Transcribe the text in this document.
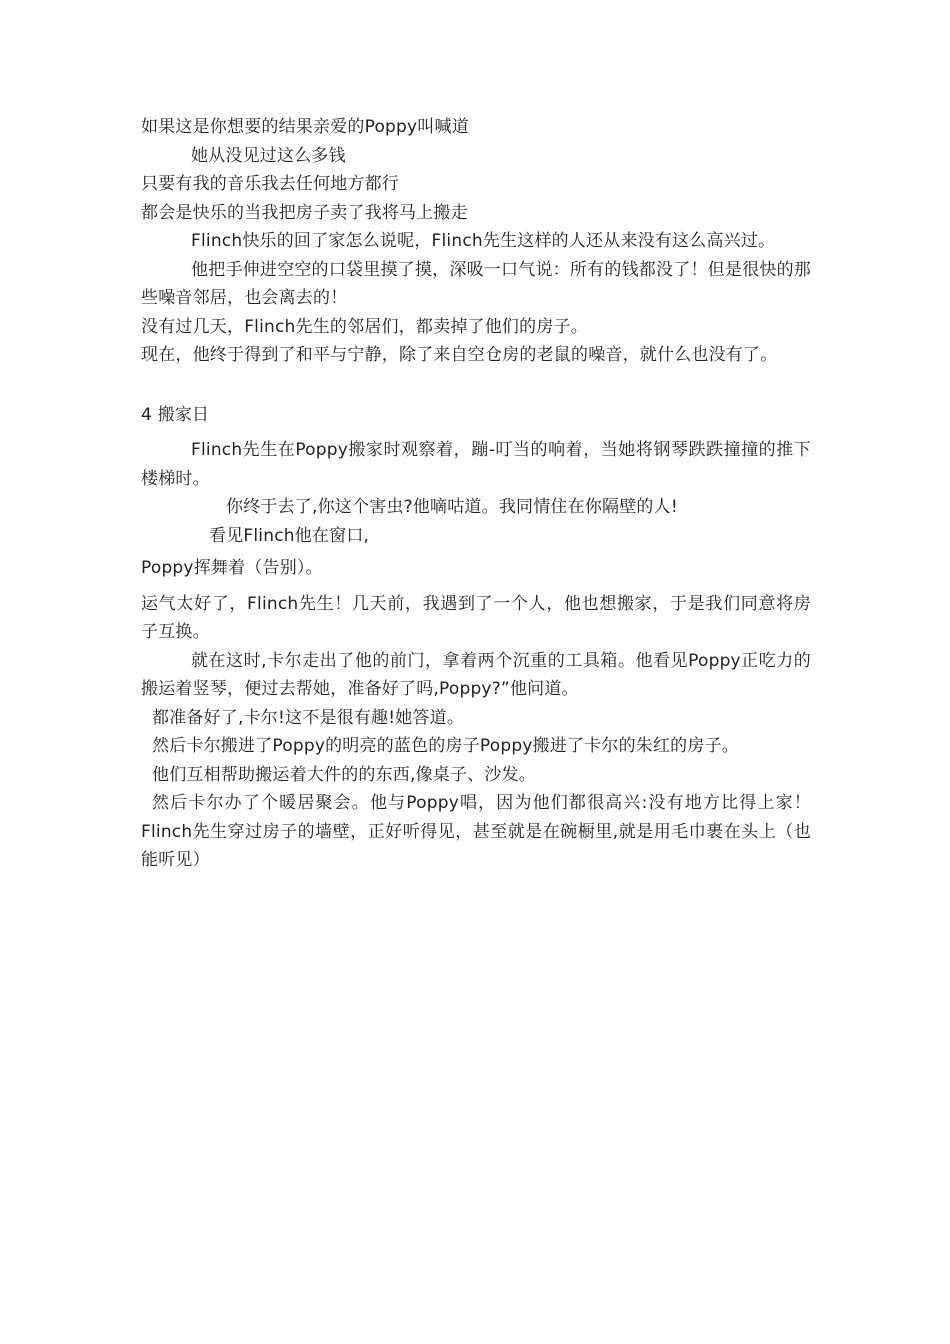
如果这是你想要的结果亲爱的Poppy叫喊道

她从没见过这么多钱

只要有我的音乐我去任何地方都行

都会是快乐的当我把房子卖了我将马上搬走

Flinch快乐的回了家怎么说呢，Flinch先生这样的人还从来没有这么高兴过。

他把手伸进空空的口袋里摸了摸，深吸一口气说：所有的钱都没了！但是很快的那些噪音邻居，也会离去的！

没有过几天，Flinch先生的邻居们，都卖掉了他们的房子。

现在，他终于得到了和平与宁静，除了来自空仓房的老鼠的噪音，就什么也没有了。

4 搬家日

Flinch先生在Poppy搬家时观察着，蹦-叮当的响着，当她将钢琴跌跌撞撞的推下楼梯时。

你终于去了,你这个害虫?他嘀咕道。我同情住在你隔壁的人!

看见Flinch他在窗口,

Poppy挥舞着（告别）。

运气太好了，Flinch先生！几天前，我遇到了一个人，他也想搬家，于是我们同意将房子互换。

就在这时,卡尔走出了他的前门，拿着两个沉重的工具箱。他看见Poppy正吃力的搬运着竖琴，便过去帮她，准备好了吗,Poppy?”他问道。

都准备好了,卡尔!这不是很有趣!她答道。

然后卡尔搬进了Poppy的明亮的蓝色的房子Poppy搬进了卡尔的朱红的房子。

他们互相帮助搬运着大件的的东西,像桌子、沙发。

然后卡尔办了个暖居聚会。他与Poppy唱，因为他们都很高兴:没有地方比得上家！Flinch先生穿过房子的墙壁，正好听得见，甚至就是在碗橱里,就是用毛巾裹在头上（也能听见）
